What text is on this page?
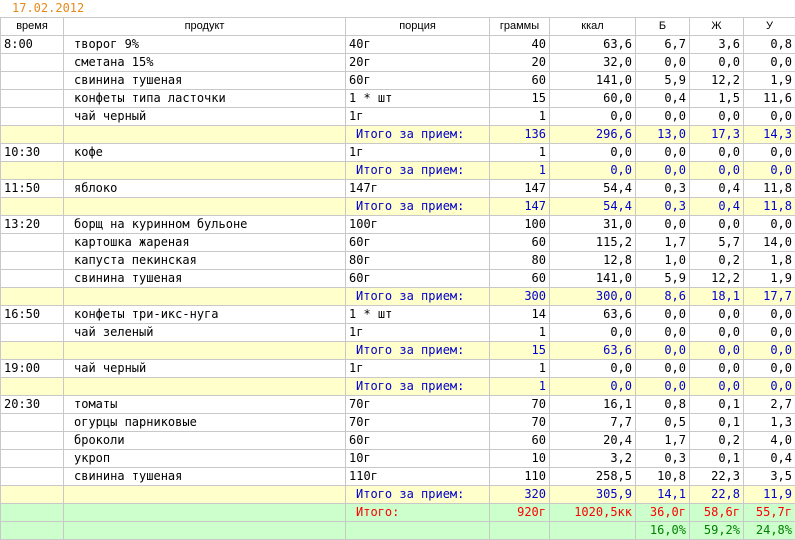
17.02.2012
время	продукт	порция	граммы	ккал	Б	Ж	У
8:00	творог 9%	40г	40	63,6	6,7	3,6	0,8
	сметана 15%	20г	20	32,0	0,0	0,0	0,0
	свинина тушеная	60г	60	141,0	5,9	12,2	1,9
	конфеты типа ласточки	1 * шт	15	60,0	0,4	1,5	11,6
	чай черный	1г	1	0,0	0,0	0,0	0,0
		Итого за прием:	136	296,6	13,0	17,3	14,3
10:30	кофе	1г	1	0,0	0,0	0,0	0,0
		Итого за прием:	1	0,0	0,0	0,0	0,0
11:50	яблоко	147г	147	54,4	0,3	0,4	11,8
		Итого за прием:	147	54,4	0,3	0,4	11,8
13:20	борщ на куринном бульоне	100г	100	31,0	0,0	0,0	0,0
	картошка жареная	60г	60	115,2	1,7	5,7	14,0
	капуста пекинская	80г	80	12,8	1,0	0,2	1,8
	свинина тушеная	60г	60	141,0	5,9	12,2	1,9
		Итого за прием:	300	300,0	8,6	18,1	17,7
16:50	конфеты три-икс-нуга	1 * шт	14	63,6	0,0	0,0	0,0
	чай зеленый	1г	1	0,0	0,0	0,0	0,0
		Итого за прием:	15	63,6	0,0	0,0	0,0
19:00	чай черный	1г	1	0,0	0,0	0,0	0,0
		Итого за прием:	1	0,0	0,0	0,0	0,0
20:30	томаты	70г	70	16,1	0,8	0,1	2,7
	огурцы парниковые	70г	70	7,7	0,5	0,1	1,3
	броколи	60г	60	20,4	1,7	0,2	4,0
	укроп	10г	10	3,2	0,3	0,1	0,4
	свинина тушеная	110г	110	258,5	10,8	22,3	3,5
		Итого за прием:	320	305,9	14,1	22,8	11,9
		Итого:	920г	1020,5кк	36,0г	58,6г	55,7г
					16,0%	59,2%	24,8%
